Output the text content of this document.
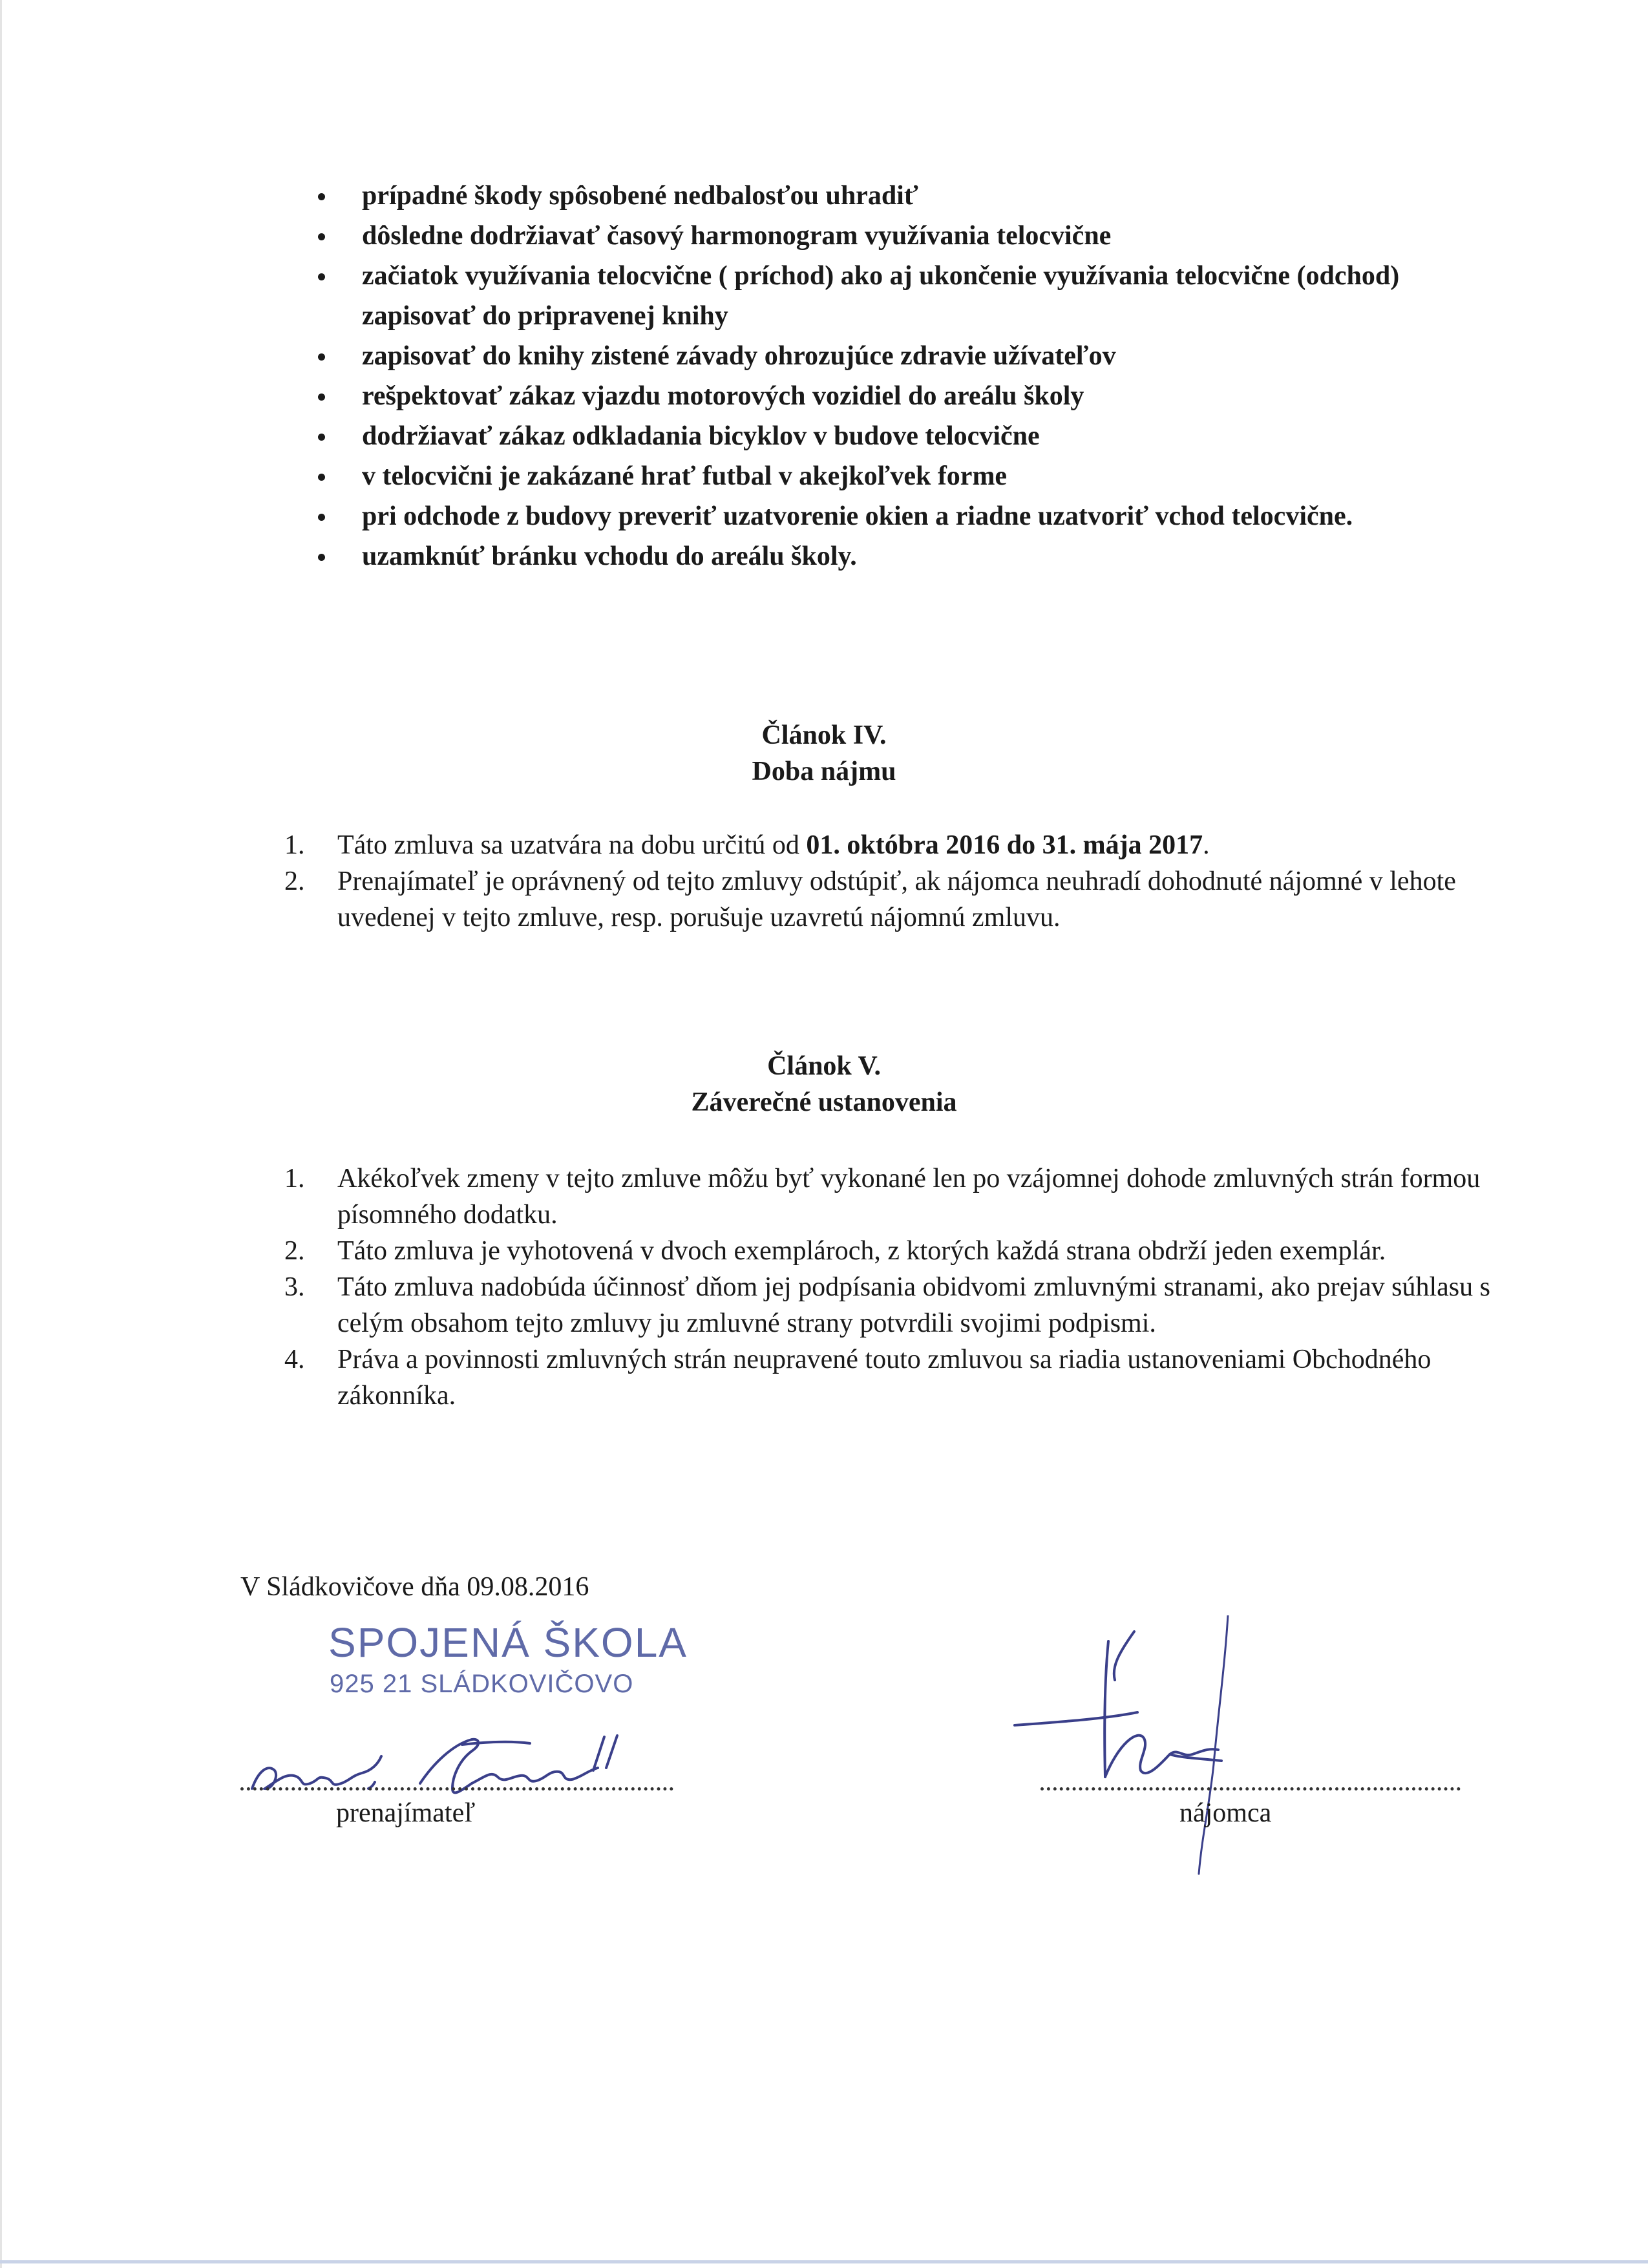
prípadné škody spôsobené nedbalosťou uhradiť
dôsledne dodržiavať časový harmonogram využívania telocvične
začiatok využívania telocvične ( príchod) ako aj ukončenie využívania telocvične (odchod) zapisovať do pripravenej knihy
zapisovať do knihy zistené závady ohrozujúce zdravie užívateľov
rešpektovať zákaz vjazdu motorových vozidiel do areálu školy
dodržiavať zákaz odkladania bicyklov v budove telocvične
v telocvični je zakázané hrať futbal v akejkoľvek forme
pri odchode z budovy preveriť uzatvorenie okien a riadne uzatvoriť vchod telocvične.
uzamknúť bránku vchodu do areálu školy.
Článok IV.
Doba nájmu
1. Táto zmluva sa uzatvára na dobu určitú od 01. októbra 2016 do 31. mája 2017.
2. Prenajímateľ je oprávnený od tejto zmluvy odstúpiť, ak nájomca neuhradí dohodnuté nájomné v lehote uvedenej v tejto zmluve, resp. porušuje uzavretú nájomnú zmluvu.
Článok V.
Záverečné ustanovenia
1. Akékoľvek zmeny v tejto zmluve môžu byť vykonané len po vzájomnej dohode zmluvných strán formou písomného dodatku.
2. Táto zmluva je vyhotovená v dvoch exemplároch, z ktorých každá strana obdrží jeden exemplár.
3. Táto zmluva nadobúda účinnosť dňom jej podpísania obidvomi zmluvnými stranami, ako prejav súhlasu s celým obsahom tejto zmluvy ju zmluvné strany potvrdili svojimi podpismi.
4. Práva a povinnosti zmluvných strán neupravené touto zmluvou sa riadia ustanoveniami Obchodného zákonníka.
V Sládkovičove dňa 09.08.2016
SPOJENÁ ŠKOLA
925 21 SLÁDKOVIČOVO
prenajímateľ	nájomca
